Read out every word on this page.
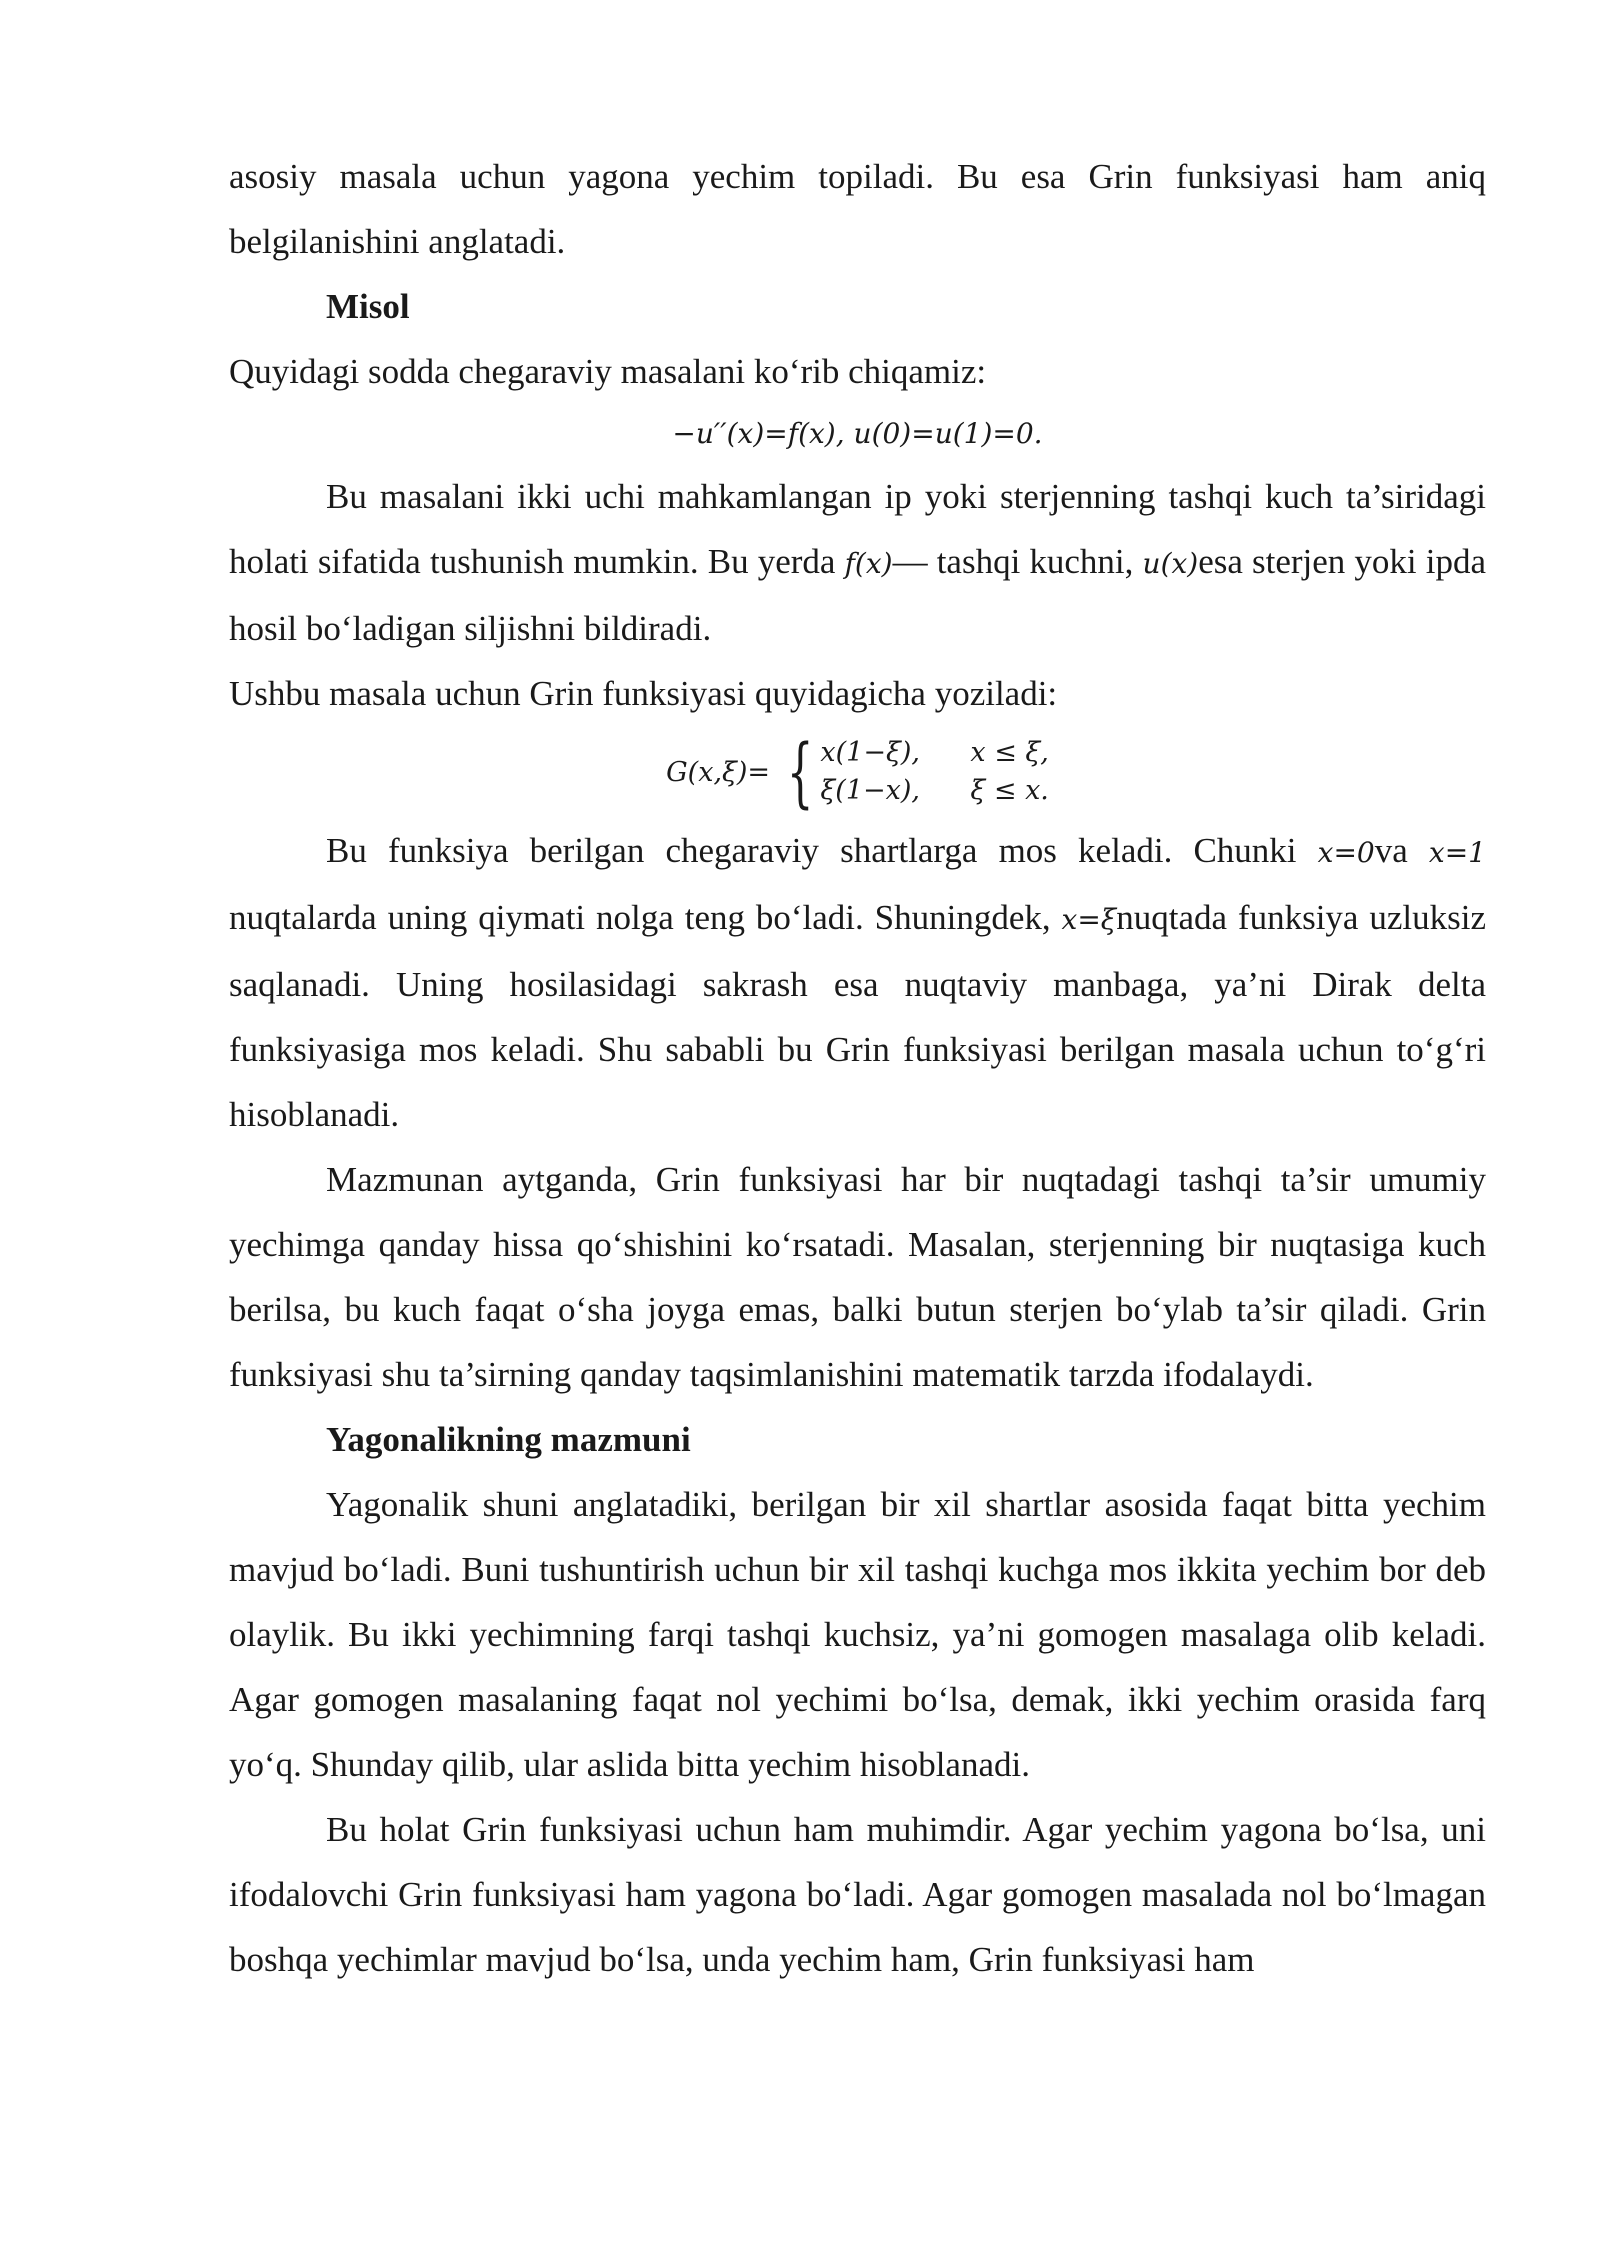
asosiy masala uchun yagona yechim topiladi. Bu esa Grin funksiyasi ham aniq belgilanishini anglatadi.

Misol

Quyidagi sodda chegaraviy masalani ko‘rib chiqamiz:

−u′′(x)=f(x), u(0)=u(1)=0.

Bu masalani ikki uchi mahkamlangan ip yoki sterjenning tashqi kuch ta’siridagi holati sifatida tushunish mumkin. Bu yerda f(x)— tashqi kuchni, u(x)esa sterjen yoki ipda hosil bo‘ladigan siljishni bildiradi.

Ushbu masala uchun Grin funksiyasi quyidagicha yoziladi:

G(x,ξ)= { x(1−ξ),	x ≤ ξ,
ξ(1−x),	ξ ≤ x.

Bu funksiya berilgan chegaraviy shartlarga mos keladi. Chunki x=0va x=1 nuqtalarda uning qiymati nolga teng bo‘ladi. Shuningdek, x=ξnuqtada funksiya uzluksiz saqlanadi. Uning hosilasidagi sakrash esa nuqtaviy manbaga, ya’ni Dirak delta funksiyasiga mos keladi. Shu sababli bu Grin funksiyasi berilgan masala uchun to‘g‘ri hisoblanadi.

Mazmunan aytganda, Grin funksiyasi har bir nuqtadagi tashqi ta’sir umumiy yechimga qanday hissa qo‘shishini ko‘rsatadi. Masalan, sterjenning bir nuqtasiga kuch berilsa, bu kuch faqat o‘sha joyga emas, balki butun sterjen bo‘ylab ta’sir qiladi. Grin funksiyasi shu ta’sirning qanday taqsimlanishini matematik tarzda ifodalaydi.

Yagonalikning mazmuni

Yagonalik shuni anglatadiki, berilgan bir xil shartlar asosida faqat bitta yechim mavjud bo‘ladi. Buni tushuntirish uchun bir xil tashqi kuchga mos ikkita yechim bor deb olaylik. Bu ikki yechimning farqi tashqi kuchsiz, ya’ni gomogen masalaga olib keladi. Agar gomogen masalaning faqat nol yechimi bo‘lsa, demak, ikki yechim orasida farq yo‘q. Shunday qilib, ular aslida bitta yechim hisoblanadi.

Bu holat Grin funksiyasi uchun ham muhimdir. Agar yechim yagona bo‘lsa, uni ifodalovchi Grin funksiyasi ham yagona bo‘ladi. Agar gomogen masalada nol bo‘lmagan boshqa yechimlar mavjud bo‘lsa, unda yechim ham, Grin funksiyasi ham
